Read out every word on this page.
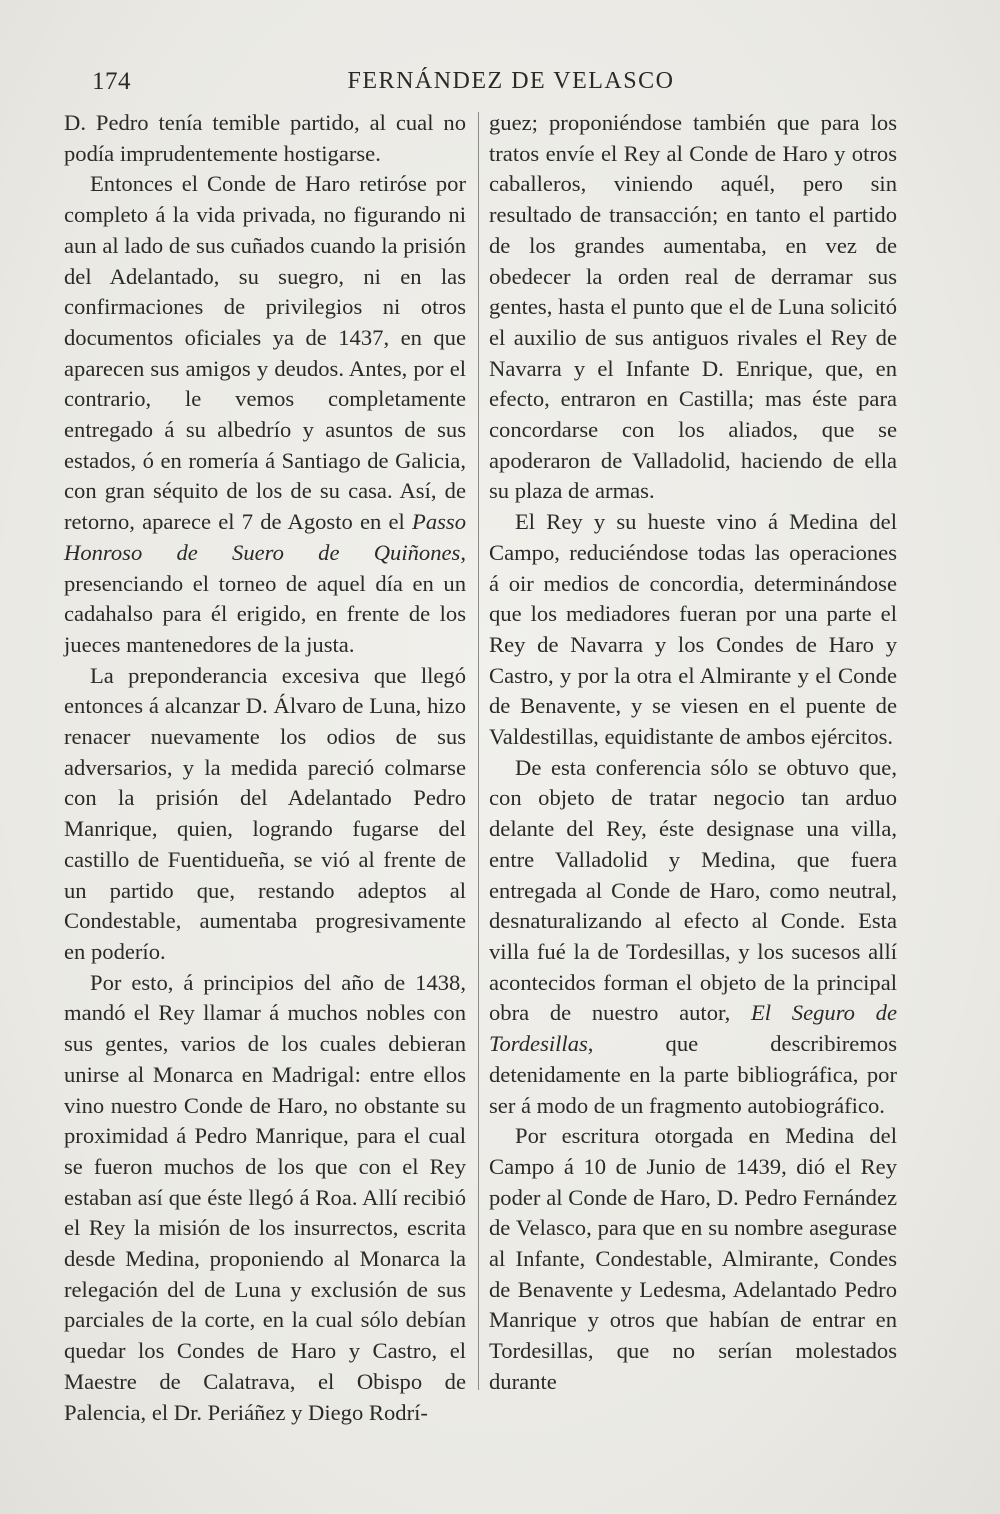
174	FERNÁNDEZ DE VELASCO

D. Pedro tenía temible partido, al cual no podía imprudentemente hostigarse.

Entonces el Conde de Haro retiróse por completo á la vida privada, no figurando ni aun al lado de sus cuñados cuando la prisión del Adelantado, su suegro, ni en las confirmaciones de privilegios ni otros documentos oficiales ya de 1437, en que aparecen sus amigos y deudos. Antes, por el contrario, le vemos completamente entregado á su albedrío y asuntos de sus estados, ó en romería á Santiago de Galicia, con gran séquito de los de su casa. Así, de retorno, aparece el 7 de Agosto en el Passo Honroso de Suero de Quiñones, presenciando el torneo de aquel día en un cadahalso para él erigido, en frente de los jueces mantenedores de la justa.

La preponderancia excesiva que llegó entonces á alcanzar D. Álvaro de Luna, hizo renacer nuevamente los odios de sus adversarios, y la medida pareció colmarse con la prisión del Adelantado Pedro Manrique, quien, logrando fugarse del castillo de Fuentidueña, se vió al frente de un partido que, restando adeptos al Condestable, aumentaba progresivamente en poderío.

Por esto, á principios del año de 1438, mandó el Rey llamar á muchos nobles con sus gentes, varios de los cuales debieran unirse al Monarca en Madrigal: entre ellos vino nuestro Conde de Haro, no obstante su proximidad á Pedro Manrique, para el cual se fueron muchos de los que con el Rey estaban así que éste llegó á Roa. Allí recibió el Rey la misión de los insurrectos, escrita desde Medina, proponiendo al Monarca la relegación del de Luna y exclusión de sus parciales de la corte, en la cual sólo debían quedar los Condes de Haro y Castro, el Maestre de Calatrava, el Obispo de Palencia, el Dr. Periáñez y Diego Rodrí-

guez; proponiéndose también que para los tratos envíe el Rey al Conde de Haro y otros caballeros, viniendo aquél, pero sin resultado de transacción; en tanto el partido de los grandes aumentaba, en vez de obedecer la orden real de derramar sus gentes, hasta el punto que el de Luna solicitó el auxilio de sus antiguos rivales el Rey de Navarra y el Infante D. Enrique, que, en efecto, entraron en Castilla; mas éste para concordarse con los aliados, que se apoderaron de Valladolid, haciendo de ella su plaza de armas.

El Rey y su hueste vino á Medina del Campo, reduciéndose todas las operaciones á oir medios de concordia, determinándose que los mediadores fueran por una parte el Rey de Navarra y los Condes de Haro y Castro, y por la otra el Almirante y el Conde de Benavente, y se viesen en el puente de Valdestillas, equidistante de ambos ejércitos.

De esta conferencia sólo se obtuvo que, con objeto de tratar negocio tan arduo delante del Rey, éste designase una villa, entre Valladolid y Medina, que fuera entregada al Conde de Haro, como neutral, desnaturalizando al efecto al Conde. Esta villa fué la de Tordesillas, y los sucesos allí acontecidos forman el objeto de la principal obra de nuestro autor, El Seguro de Tordesillas, que describiremos detenidamente en la parte bibliográfica, por ser á modo de un fragmento autobiográfico.

Por escritura otorgada en Medina del Campo á 10 de Junio de 1439, dió el Rey poder al Conde de Haro, D. Pedro Fernández de Velasco, para que en su nombre asegurase al Infante, Condestable, Almirante, Condes de Benavente y Ledesma, Adelantado Pedro Manrique y otros que habían de entrar en Tordesillas, que no serían molestados durante
